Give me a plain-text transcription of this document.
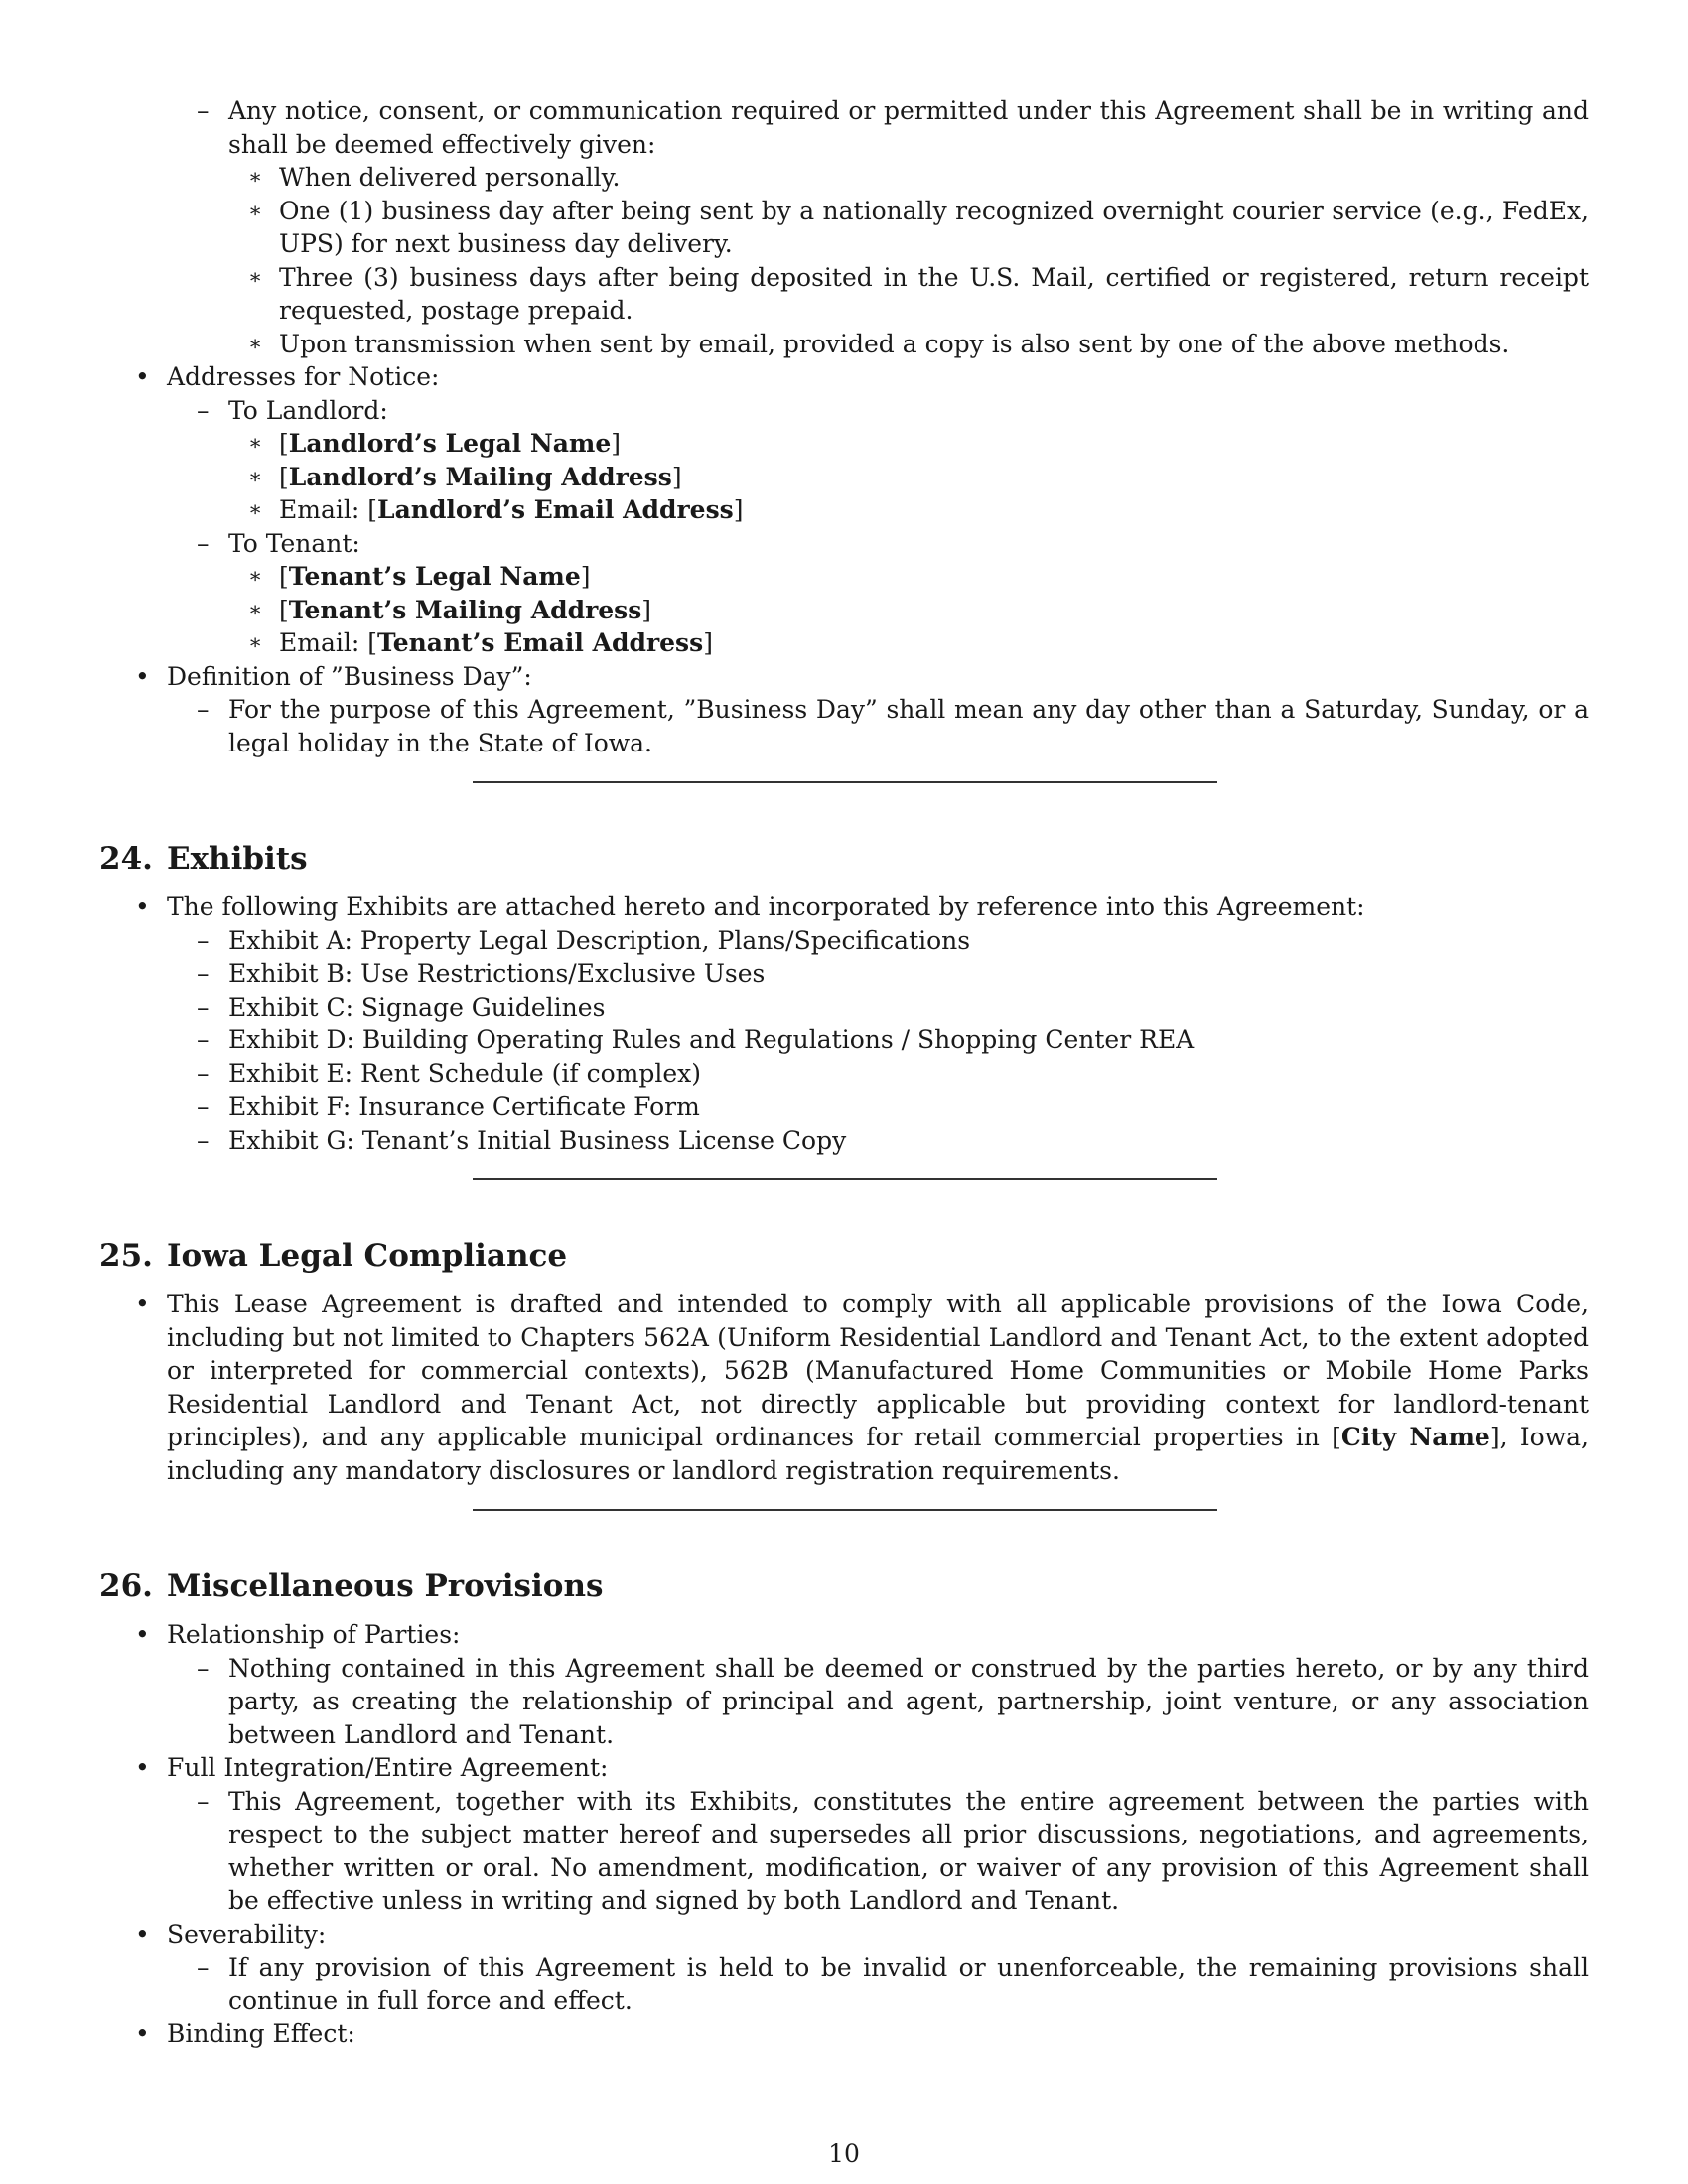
– Any notice, consent, or communication required or permitted under this Agreement shall be in writing and shall be deemed effectively given:
∗ When delivered personally.
∗ One (1) business day after being sent by a nationally recognized overnight courier service (e.g., FedEx, UPS) for next business day delivery.
∗ Three (3) business days after being deposited in the U.S. Mail, certified or registered, return receipt requested, postage prepaid.
∗ Upon transmission when sent by email, provided a copy is also sent by one of the above methods.
• Addresses for Notice:
– To Landlord:
∗ [Landlord’s Legal Name]
∗ [Landlord’s Mailing Address]
∗ Email: [Landlord’s Email Address]
– To Tenant:
∗ [Tenant’s Legal Name]
∗ [Tenant’s Mailing Address]
∗ Email: [Tenant’s Email Address]
• Definition of ”Business Day”:
– For the purpose of this Agreement, ”Business Day” shall mean any day other than a Saturday, Sunday, or a legal holiday in the State of Iowa.
24. Exhibits
• The following Exhibits are attached hereto and incorporated by reference into this Agreement:
– Exhibit A: Property Legal Description, Plans/Specifications
– Exhibit B: Use Restrictions/Exclusive Uses
– Exhibit C: Signage Guidelines
– Exhibit D: Building Operating Rules and Regulations / Shopping Center REA
– Exhibit E: Rent Schedule (if complex)
– Exhibit F: Insurance Certificate Form
– Exhibit G: Tenant’s Initial Business License Copy
25. Iowa Legal Compliance
• This Lease Agreement is drafted and intended to comply with all applicable provisions of the Iowa Code, including but not limited to Chapters 562A (Uniform Residential Landlord and Tenant Act, to the extent adopted or interpreted for commercial contexts), 562B (Manufactured Home Communities or Mobile Home Parks Residential Landlord and Tenant Act, not directly applicable but providing context for landlord-tenant principles), and any applicable municipal ordinances for retail commercial properties in [City Name], Iowa, including any mandatory disclosures or landlord registration requirements.
26. Miscellaneous Provisions
• Relationship of Parties:
– Nothing contained in this Agreement shall be deemed or construed by the parties hereto, or by any third party, as creating the relationship of principal and agent, partnership, joint venture, or any association between Landlord and Tenant.
• Full Integration/Entire Agreement:
– This Agreement, together with its Exhibits, constitutes the entire agreement between the parties with respect to the subject matter hereof and supersedes all prior discussions, negotiations, and agreements, whether written or oral. No amendment, modification, or waiver of any provision of this Agreement shall be effective unless in writing and signed by both Landlord and Tenant.
• Severability:
– If any provision of this Agreement is held to be invalid or unenforceable, the remaining provisions shall continue in full force and effect.
• Binding Effect:
10
